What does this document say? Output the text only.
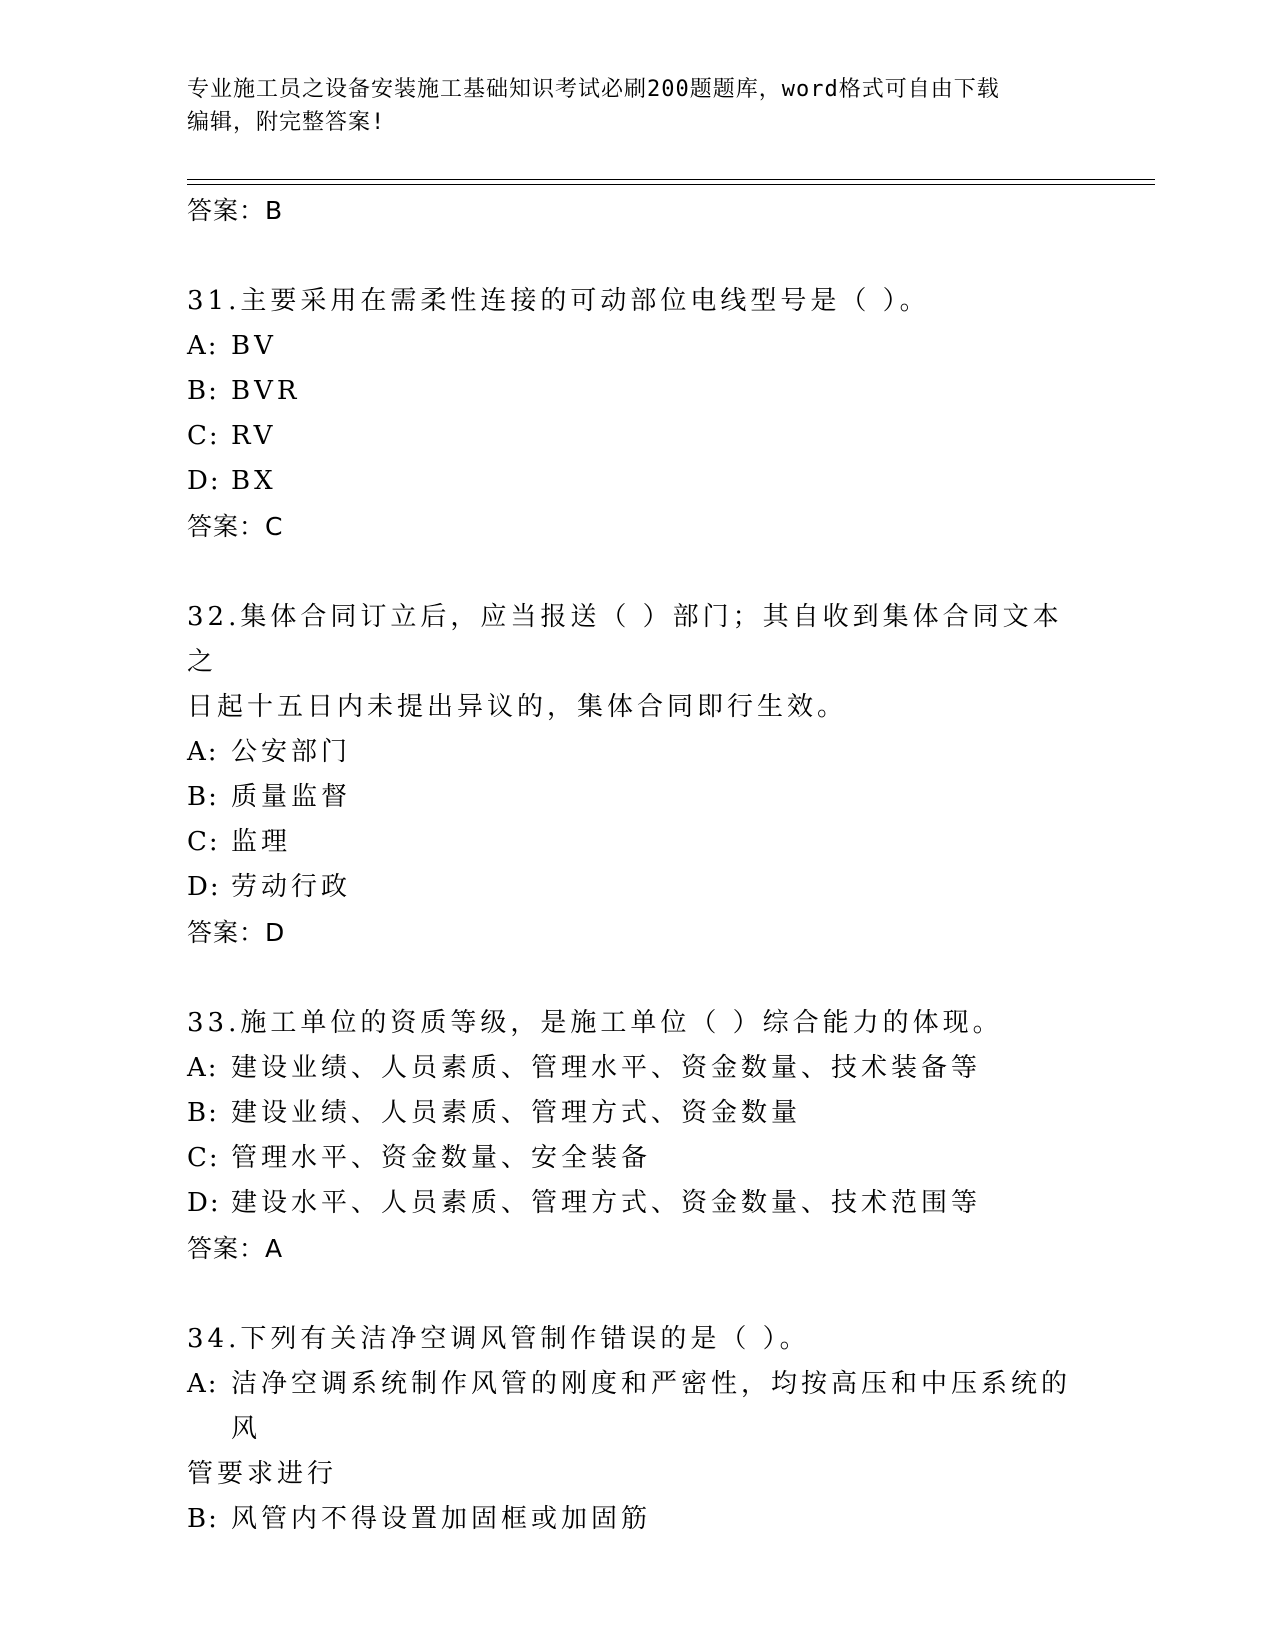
专业施工员之设备安装施工基础知识考试必刷200题题库，word格式可自由下载
编辑，附完整答案!
答案：B
31.主要采用在需柔性连接的可动部位电线型号是（ ）。
A: BV
B: BVR
C: RV
D: BX
答案：C
32.集体合同订立后，应当报送（ ）部门；其自收到集体合同文本之
日起十五日内未提出异议的，集体合同即行生效。
A: 公安部门
B: 质量监督
C: 监理
D: 劳动行政
答案：D
33.施工单位的资质等级，是施工单位（ ）综合能力的体现。
A: 建设业绩、人员素质、管理水平、资金数量、技术装备等
B: 建设业绩、人员素质、管理方式、资金数量
C: 管理水平、资金数量、安全装备
D: 建设水平、人员素质、管理方式、资金数量、技术范围等
答案：A
34.下列有关洁净空调风管制作错误的是（ ）。
A: 洁净空调系统制作风管的刚度和严密性，均按高压和中压系统的风
管要求进行
B: 风管内不得设置加固框或加固筋
